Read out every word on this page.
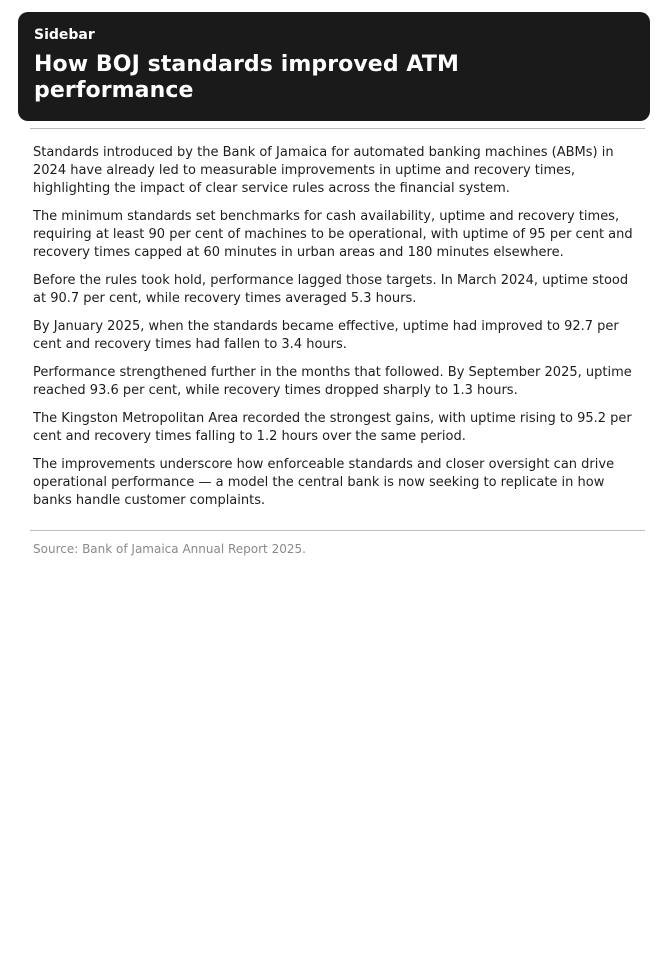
Sidebar
How BOJ standards improved ATM performance

Standards introduced by the Bank of Jamaica for automated banking machines (ABMs) in 2024 have already led to measurable improvements in uptime and recovery times, highlighting the impact of clear service rules across the financial system.

The minimum standards set benchmarks for cash availability, uptime and recovery times, requiring at least 90 per cent of machines to be operational, with uptime of 95 per cent and recovery times capped at 60 minutes in urban areas and 180 minutes elsewhere.

Before the rules took hold, performance lagged those targets. In March 2024, uptime stood at 90.7 per cent, while recovery times averaged 5.3 hours.

By January 2025, when the standards became effective, uptime had improved to 92.7 per cent and recovery times had fallen to 3.4 hours.

Performance strengthened further in the months that followed. By September 2025, uptime reached 93.6 per cent, while recovery times dropped sharply to 1.3 hours.

The Kingston Metropolitan Area recorded the strongest gains, with uptime rising to 95.2 per cent and recovery times falling to 1.2 hours over the same period.

The improvements underscore how enforceable standards and closer oversight can drive operational performance — a model the central bank is now seeking to replicate in how banks handle customer complaints.

Source: Bank of Jamaica Annual Report 2025.
